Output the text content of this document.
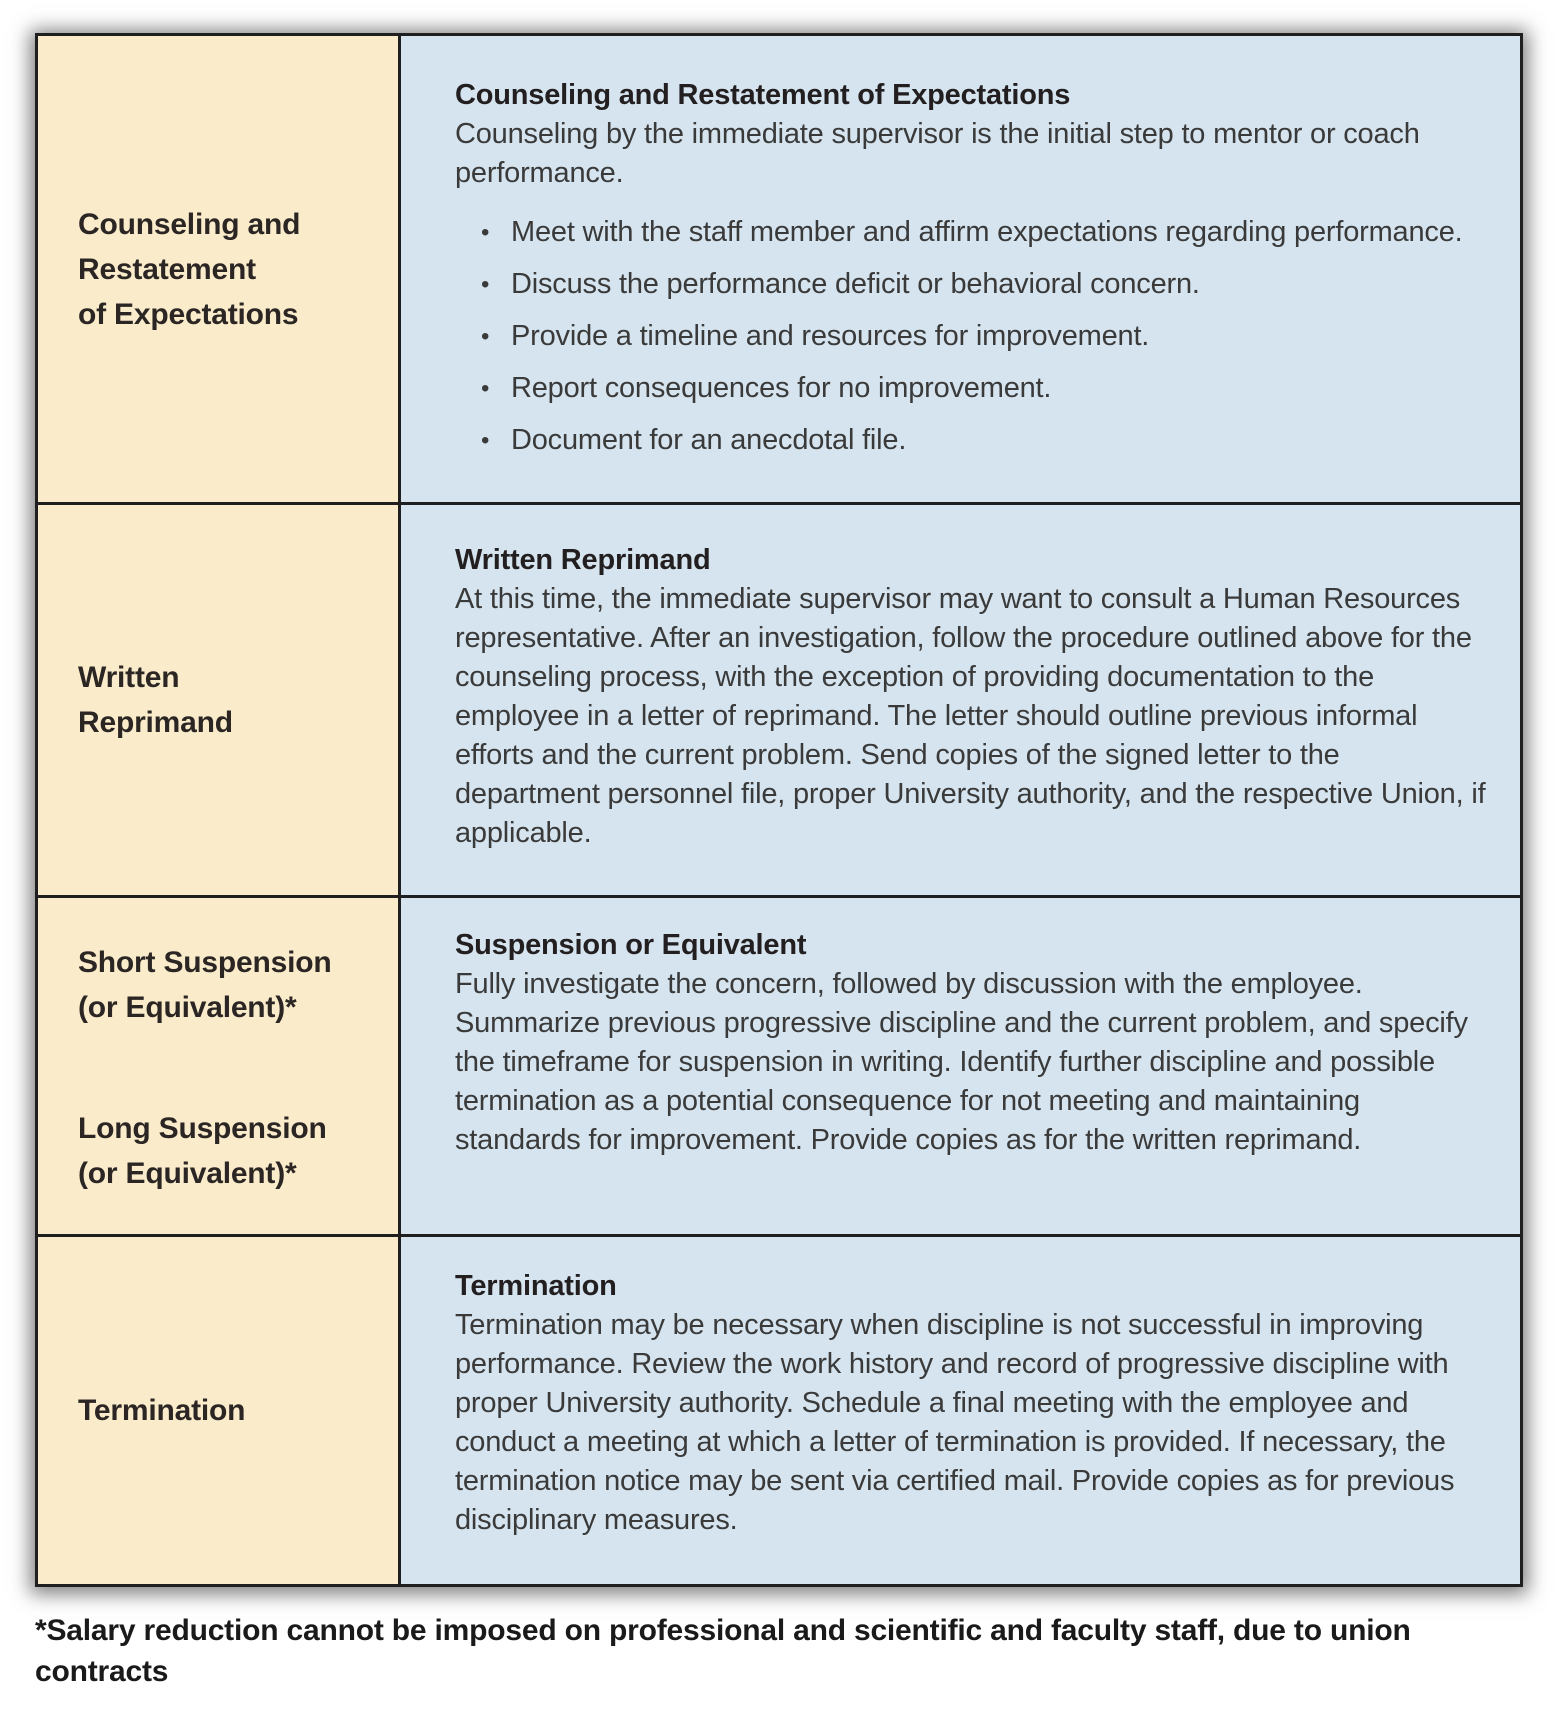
Counseling and
Restatement
of Expectations
Counseling and Restatement of Expectations

Counseling by the immediate supervisor is the initial step to mentor or coach performance.

• Meet with the staff member and affirm expectations regarding performance.
• Discuss the performance deficit or behavioral concern.
• Provide a timeline and resources for improvement.
• Report consequences for no improvement.
• Document for an anecdotal file.
Written
Reprimand
Written Reprimand

At this time, the immediate supervisor may want to consult a Human Resources representative. After an investigation, follow the procedure outlined above for the counseling process, with the exception of providing documentation to the employee in a letter of reprimand. The letter should outline previous informal efforts and the current problem. Send copies of the signed letter to the department personnel file, proper University authority, and the respective Union, if applicable.

Short Suspension
(or Equivalent)*
Long Suspension
(or Equivalent)*
Suspension or Equivalent

Fully investigate the concern, followed by discussion with the employee. Summarize previous progressive discipline and the current problem, and specify the timeframe for suspension in writing. Identify further discipline and possible termination as a potential consequence for not meeting and maintaining standards for improvement. Provide copies as for the written reprimand.

Termination
Termination

Termination may be necessary when discipline is not successful in improving performance. Review the work history and record of progressive discipline with proper University authority. Schedule a final meeting with the employee and conduct a meeting at which a letter of termination is provided. If necessary, the termination notice may be sent via certified mail. Provide copies as for previous disciplinary measures.

*Salary reduction cannot be imposed on professional and scientific and faculty staff, due to union contracts
